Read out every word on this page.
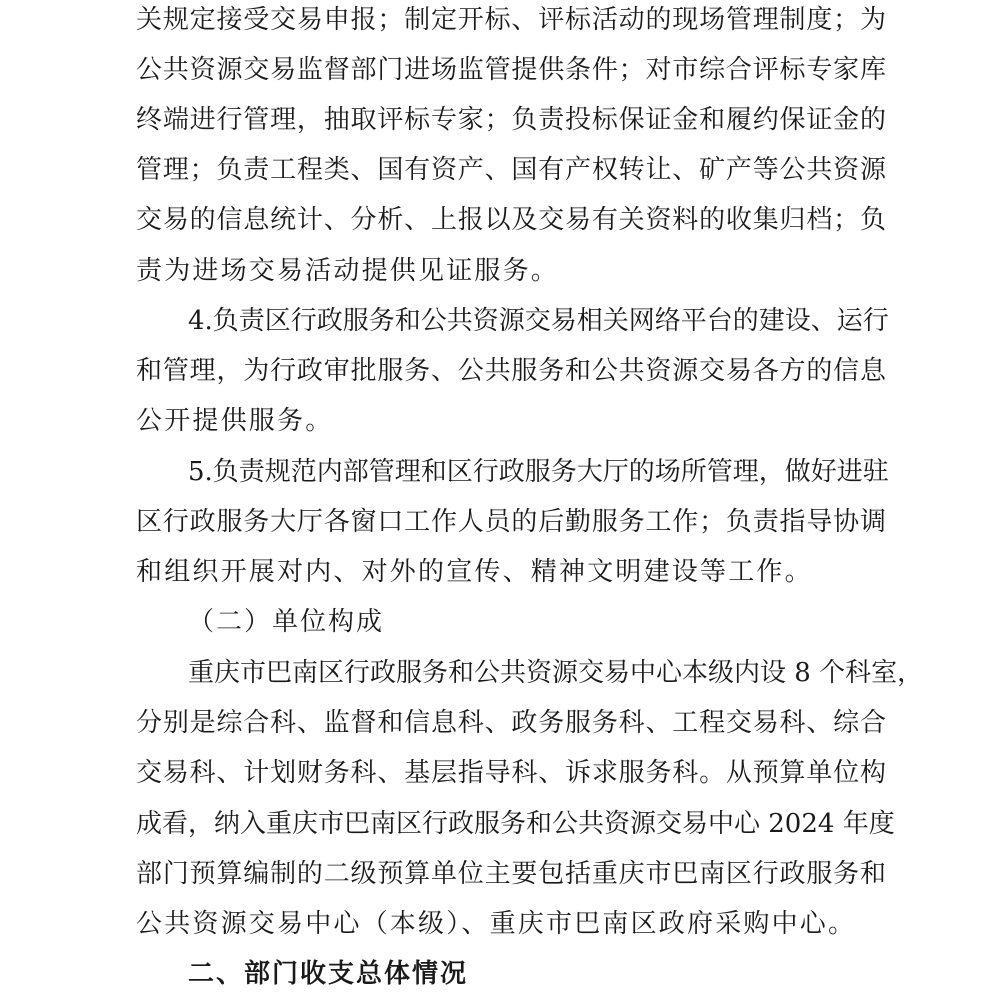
关规定接受交易申报；制定开标、评标活动的现场管理制度；为
公共资源交易监督部门进场监管提供条件；对市综合评标专家库
终端进行管理，抽取评标专家；负责投标保证金和履约保证金的
管理；负责工程类、国有资产、国有产权转让、矿产等公共资源
交易的信息统计、分析、上报以及交易有关资料的收集归档；负
责为进场交易活动提供见证服务。
4.负责区行政服务和公共资源交易相关网络平台的建设、运行
和管理，为行政审批服务、公共服务和公共资源交易各方的信息
公开提供服务。
5.负责规范内部管理和区行政服务大厅的场所管理，做好进驻
区行政服务大厅各窗口工作人员的后勤服务工作；负责指导协调
和组织开展对内、对外的宣传、精神文明建设等工作。
（二）单位构成
重庆市巴南区行政服务和公共资源交易中心本级内设 8 个科室，
分别是综合科、监督和信息科、政务服务科、工程交易科、综合
交易科、计划财务科、基层指导科、诉求服务科。从预算单位构
成看，纳入重庆市巴南区行政服务和公共资源交易中心 2024 年度
部门预算编制的二级预算单位主要包括重庆市巴南区行政服务和
公共资源交易中心（本级）、重庆市巴南区政府采购中心。
二、部门收支总体情况
